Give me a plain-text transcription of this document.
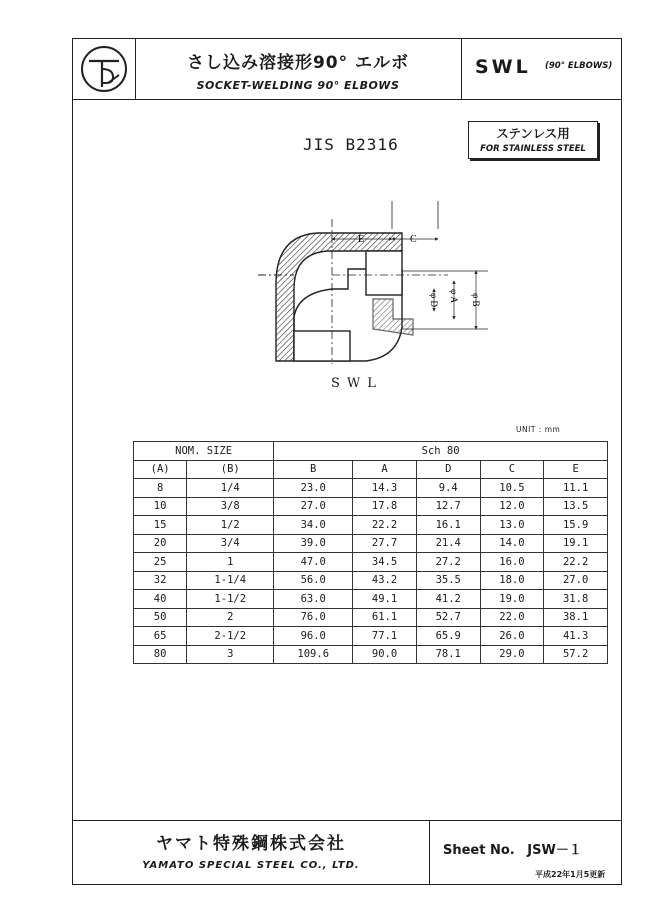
さし込み溶接形90° エルボ
SOCKET-WELDING 90° ELBOWS
SWL (90° ELBOWS)
JIS B2316
ステンレス用
FOR STAINLESS STEEL
E	C
φ D φ A φ B
SWL
UNIT : mm
NOM. SIZE		Sch 80				
(A)	(B)	B	A	D	C	E
8	1/4	23.0	14.3	9.4	10.5	11.1
10	3/8	27.0	17.8	12.7	12.0	13.5
15	1/2	34.0	22.2	16.1	13.0	15.9
20	3/4	39.0	27.7	21.4	14.0	19.1
25	1	47.0	34.5	27.2	16.0	22.2
32	1-1/4	56.0	43.2	35.5	18.0	27.0
40	1-1/2	63.0	49.1	41.2	19.0	31.8
50	2	76.0	61.1	52.7	22.0	38.1
65	2-1/2	96.0	77.1	65.9	26.0	41.3
80	3	109.6	90.0	78.1	29.0	57.2
ヤマト特殊鋼株式会社
YAMATO SPECIAL STEEL CO., LTD.
Sheet No. JSW－１
平成22年1月5更新
